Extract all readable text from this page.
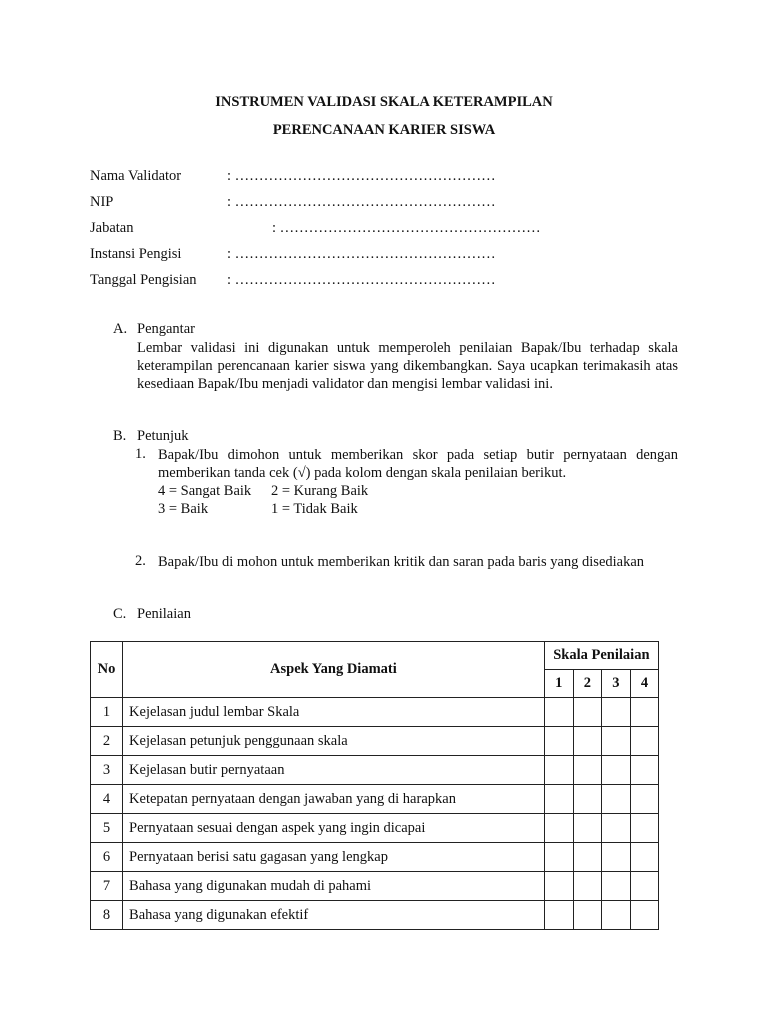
INSTRUMEN VALIDASI SKALA KETERAMPILAN
PERENCANAAN KARIER SISWA
Nama Validator	: ………………………………………………
NIP	: ………………………………………………
Jabatan	: ………………………………………………
Instansi Pengisi	: ………………………………………………
Tanggal Pengisian : ………………………………………………
A. Pengantar
Lembar validasi ini digunakan untuk memperoleh penilaian Bapak/Ibu terhadap skala keterampilan perencanaan karier siswa yang dikembangkan. Saya ucapkan terimakasih atas kesediaan Bapak/Ibu menjadi validator dan mengisi lembar validasi ini.
B. Petunjuk
1. Bapak/Ibu dimohon untuk memberikan skor pada setiap butir pernyataan dengan memberikan tanda cek (√) pada kolom dengan skala penilaian berikut.
4 = Sangat Baik 2 = Kurang Baik
3 = Baik	1 = Tidak Baik
2. Bapak/Ibu di mohon untuk memberikan kritik dan saran pada baris yang disediakan
C. Penilaian
No	Aspek Yang Diamati	Skala Penilaian			
		1	2	3	4
1	Kejelasan judul lembar Skala				
2	Kejelasan petunjuk penggunaan skala				
3	Kejelasan butir pernyataan				
4	Ketepatan pernyataan dengan jawaban yang di harapkan				
5	Pernyataan sesuai dengan aspek yang ingin dicapai				
6	Pernyataan berisi satu gagasan yang lengkap				
7	Bahasa yang digunakan mudah di pahami				
8	Bahasa yang digunakan efektif				
